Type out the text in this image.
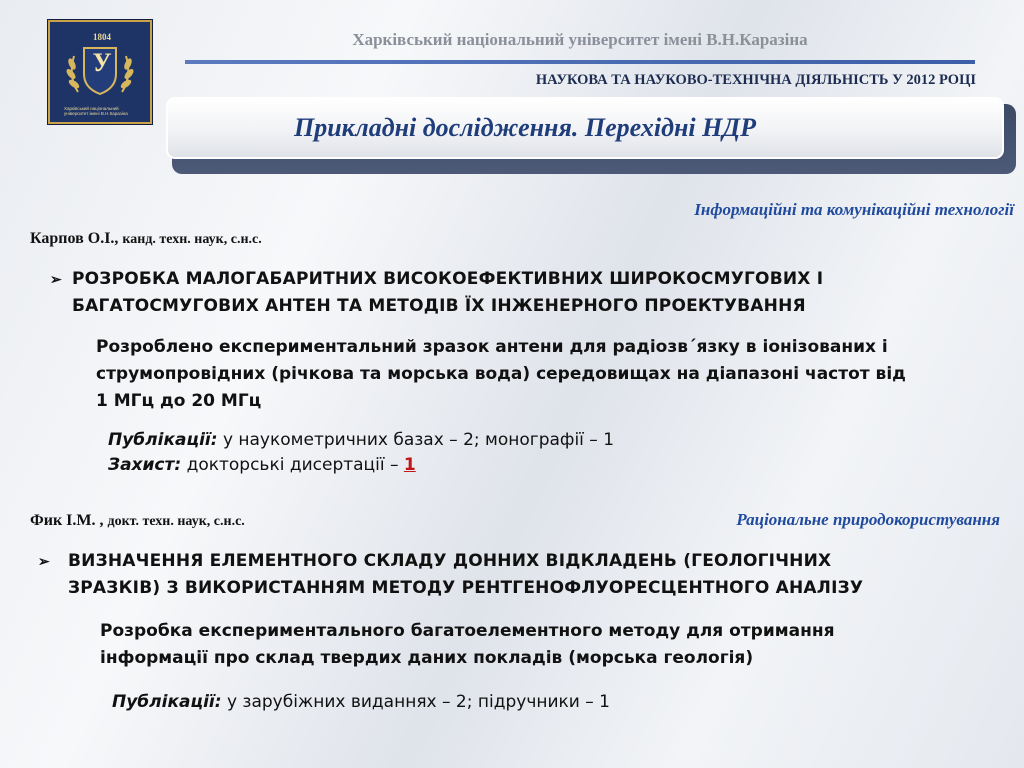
1804
У
Харківський національний університет імені В.Н.Каразіна
Харківський національний університет імені В.Н.Каразіна
НАУКОВА ТА НАУКОВО-ТЕХНІЧНА ДІЯЛЬНІСТЬ У 2012 РОЦІ
Прикладні дослідження. Перехідні НДР
Інформаційні та комунікаційні технології
Карпов О.І., канд. техн. наук, с.н.с.
➢ РОЗРОБКА МАЛОГАБАРИТНИХ ВИСОКОЕФЕКТИВНИХ ШИРОКОСМУГОВИХ І
БАГАТОСМУГОВИХ АНТЕН ТА МЕТОДІВ ЇХ ІНЖЕНЕРНОГО ПРОЕКТУВАННЯ
Розроблено експериментальний зразок антени для радіозв´язку в іонізованих і
струмопровідних (річкова та морська вода) середовищах на діапазоні частот від
1 МГц до 20 МГц
Публікації: у наукометричних базах – 2; монографії – 1
Захист: докторські дисертації – 1
Фик І.М. , докт. техн. наук, с.н.с.	Раціональне природокористування
➢	ВИЗНАЧЕННЯ ЕЛЕМЕНТНОГО СКЛАДУ ДОННИХ ВІДКЛАДЕНЬ (ГЕОЛОГІЧНИХ
ЗРАЗКІВ) З ВИКОРИСТАННЯМ МЕТОДУ РЕНТГЕНОФЛУОРЕСЦЕНТНОГО АНАЛІЗУ
Розробка експериментального багатоелементного методу для отримання
інформації про склад твердих даних покладів (морська геологія)
Публікації: у зарубіжних виданнях – 2; підручники – 1
